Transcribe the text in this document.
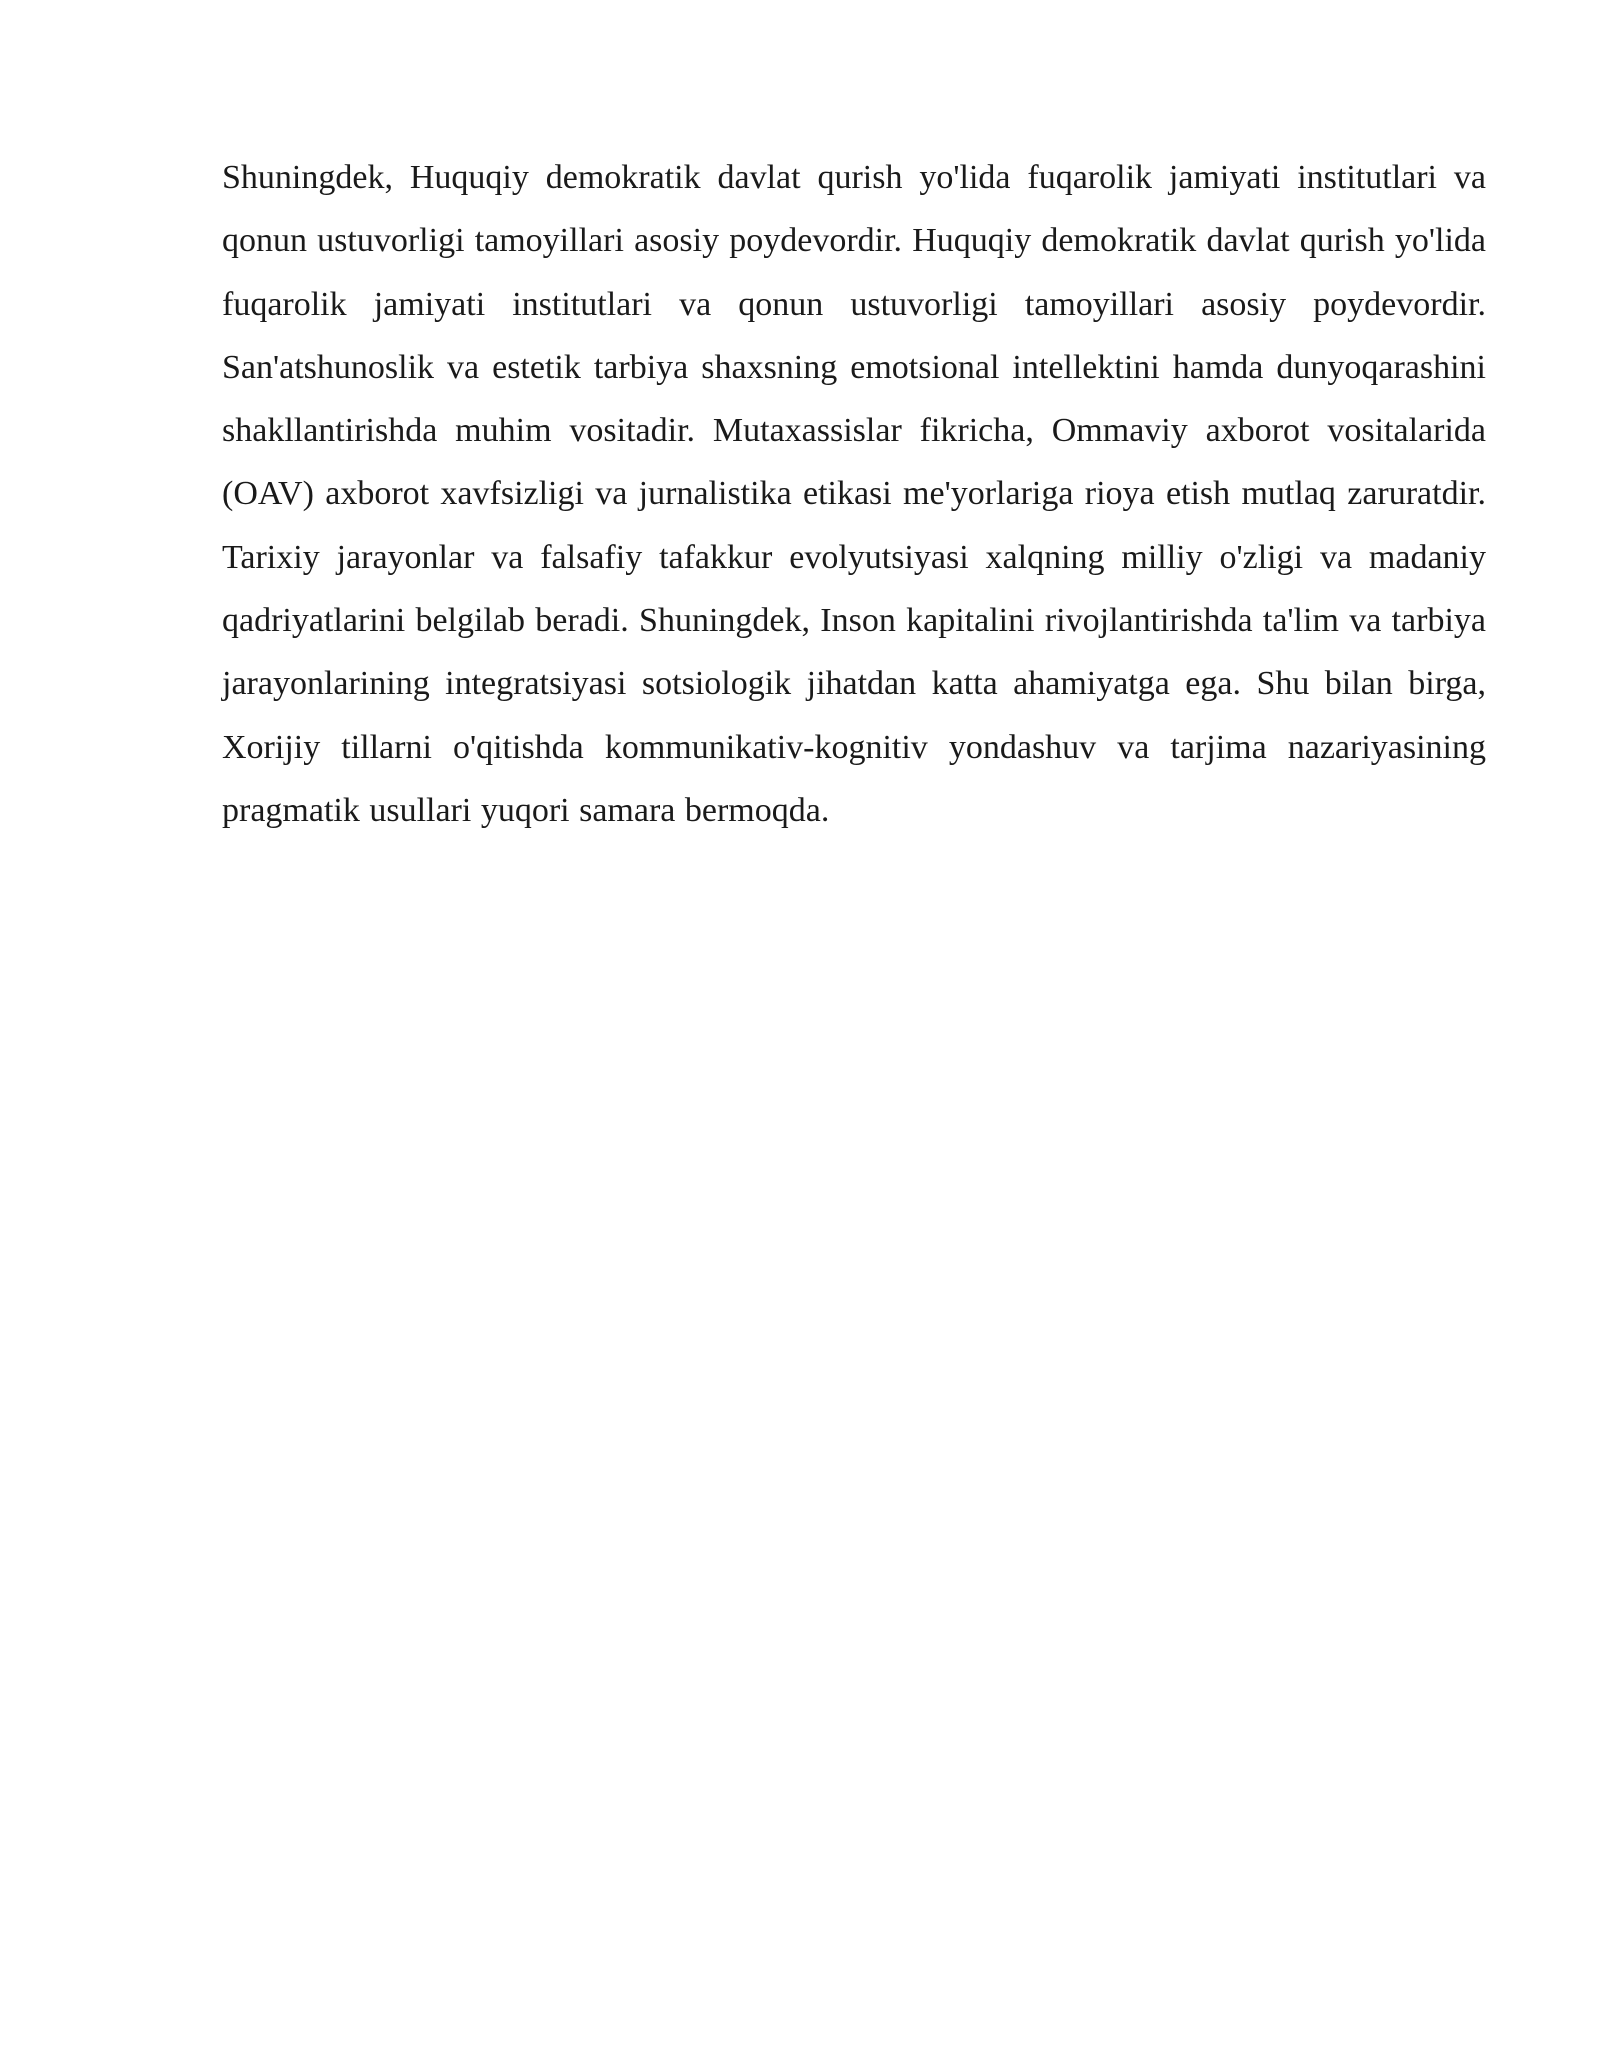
Shuningdek, Huquqiy demokratik davlat qurish yo'lida fuqarolik jamiyati institutlari va qonun ustuvorligi tamoyillari asosiy poydevordir. Huquqiy demokratik davlat qurish yo'lida fuqarolik jamiyati institutlari va qonun ustuvorligi tamoyillari asosiy poydevordir. San'atshunoslik va estetik tarbiya shaxsning emotsional intellektini hamda dunyoqarashini shakllantirishda muhim vositadir. Mutaxassislar fikricha, Ommaviy axborot vositalarida (OAV) axborot xavfsizligi va jurnalistika etikasi me'yorlariga rioya etish mutlaq zaruratdir. Tarixiy jarayonlar va falsafiy tafakkur evolyutsiyasi xalqning milliy o'zligi va madaniy qadriyatlarini belgilab beradi. Shuningdek, Inson kapitalini rivojlantirishda ta'lim va tarbiya jarayonlarining integratsiyasi sotsiologik jihatdan katta ahamiyatga ega. Shu bilan birga, Xorijiy tillarni o'qitishda kommunikativ-kognitiv yondashuv va tarjima nazariyasining pragmatik usullari yuqori samara bermoqda.
